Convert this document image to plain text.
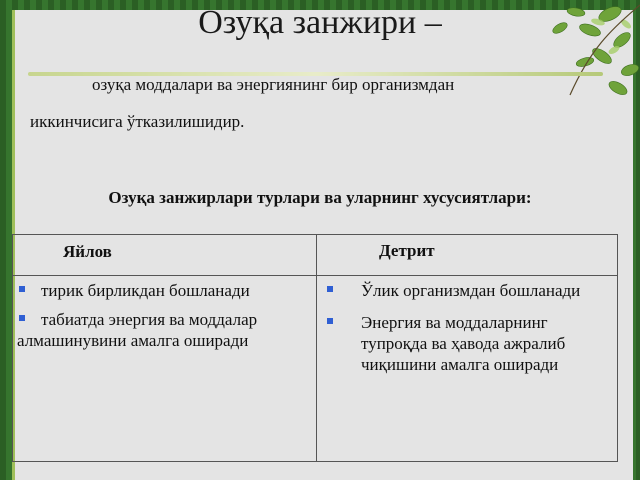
Озуқа занжири –
озуқа моддалари ва энергиянинг бир организмдан
иккинчисига ўтказилишидир.
Озуқа занжирлари турлари ва уларнинг хусусиятлари:
Яйлов
тирик бирликдан бошланади
табиатда энергия ва моддалар алмашинувини амалга оширади
Детрит
Ўлик организмдан бошланади
Энергия ва моддаларнинг тупроқда ва ҳавода ажралиб чиқишини амалга оширади
